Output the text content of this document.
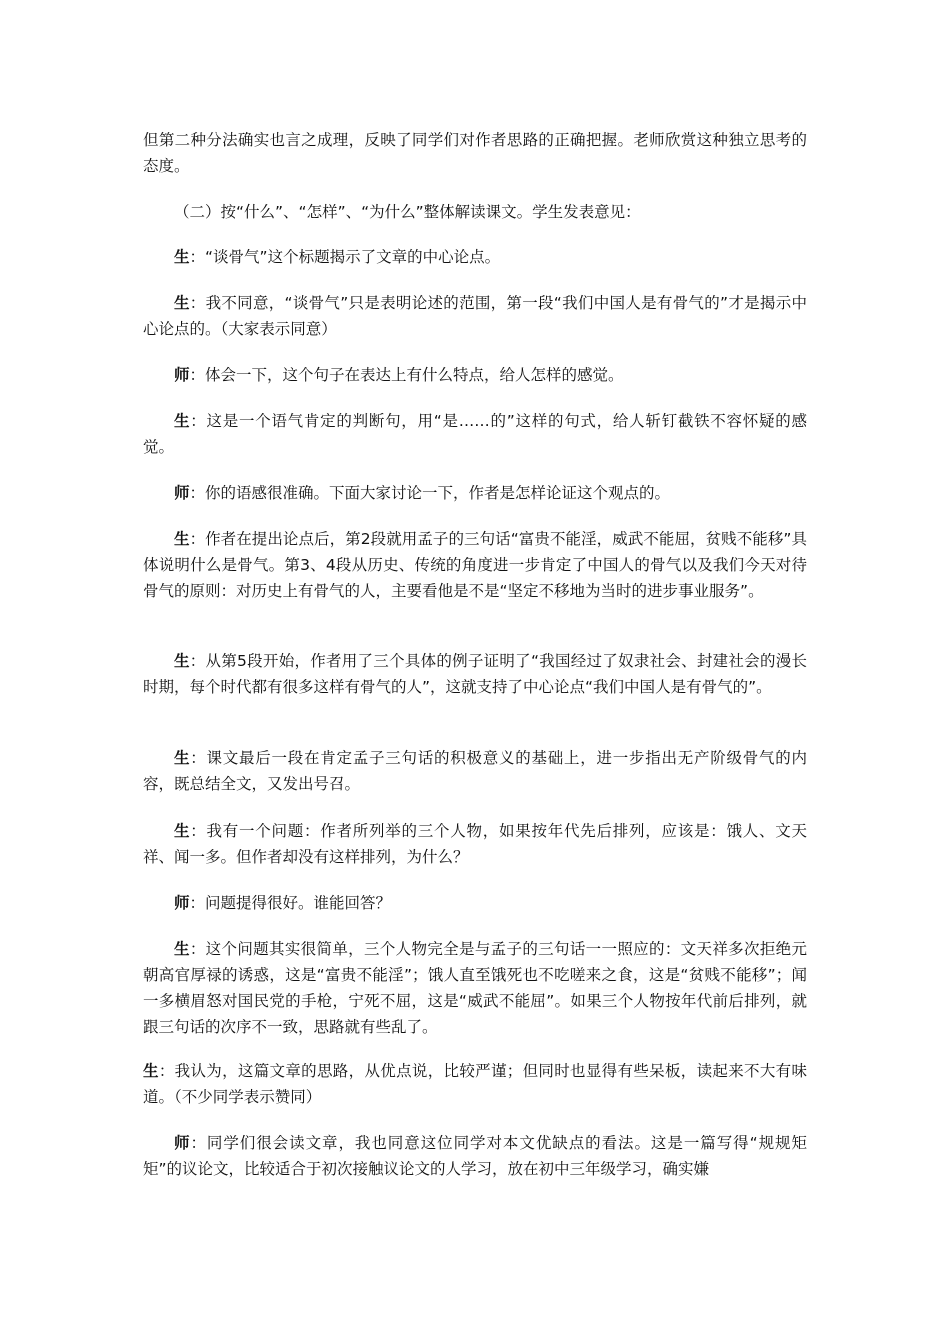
但第二种分法确实也言之成理，反映了同学们对作者思路的正确把握。老师欣赏这种独立思考的态度。

（二）按“什么”、“怎样”、“为什么”整体解读课文。学生发表意见：

生：“谈骨气”这个标题揭示了文章的中心论点。

生：我不同意，“谈骨气”只是表明论述的范围，第一段“我们中国人是有骨气的”才是揭示中心论点的。（大家表示同意）

师：体会一下，这个句子在表达上有什么特点，给人怎样的感觉。

生：这是一个语气肯定的判断句，用“是……的”这样的句式，给人斩钉截铁不容怀疑的感觉。

师：你的语感很准确。下面大家讨论一下，作者是怎样论证这个观点的。

生：作者在提出论点后，第2段就用孟子的三句话“富贵不能淫，威武不能屈，贫贱不能移”具体说明什么是骨气。第3、4段从历史、传统的角度进一步肯定了中国人的骨气以及我们今天对待骨气的原则：对历史上有骨气的人，主要看他是不是“坚定不移地为当时的进步事业服务”。

生：从第5段开始，作者用了三个具体的例子证明了“我国经过了奴隶社会、封建社会的漫长时期，每个时代都有很多这样有骨气的人”，这就支持了中心论点“我们中国人是有骨气的”。

生：课文最后一段在肯定孟子三句话的积极意义的基础上，进一步指出无产阶级骨气的内容，既总结全文，又发出号召。

生：我有一个问题：作者所列举的三个人物，如果按年代先后排列，应该是：饿人、文天祥、闻一多。但作者却没有这样排列，为什么？

师：问题提得很好。谁能回答？

生：这个问题其实很简单，三个人物完全是与孟子的三句话一一照应的：文天祥多次拒绝元朝高官厚禄的诱惑，这是“富贵不能淫”；饿人直至饿死也不吃嗟来之食，这是“贫贱不能移”；闻一多横眉怒对国民党的手枪，宁死不屈，这是“威武不能屈”。如果三个人物按年代前后排列，就跟三句话的次序不一致，思路就有些乱了。

生：我认为，这篇文章的思路，从优点说，比较严谨；但同时也显得有些呆板，读起来不大有味道。（不少同学表示赞同）

师：同学们很会读文章，我也同意这位同学对本文优缺点的看法。这是一篇写得“规规矩矩”的议论文，比较适合于初次接触议论文的人学习，放在初中三年级学习，确实嫌
